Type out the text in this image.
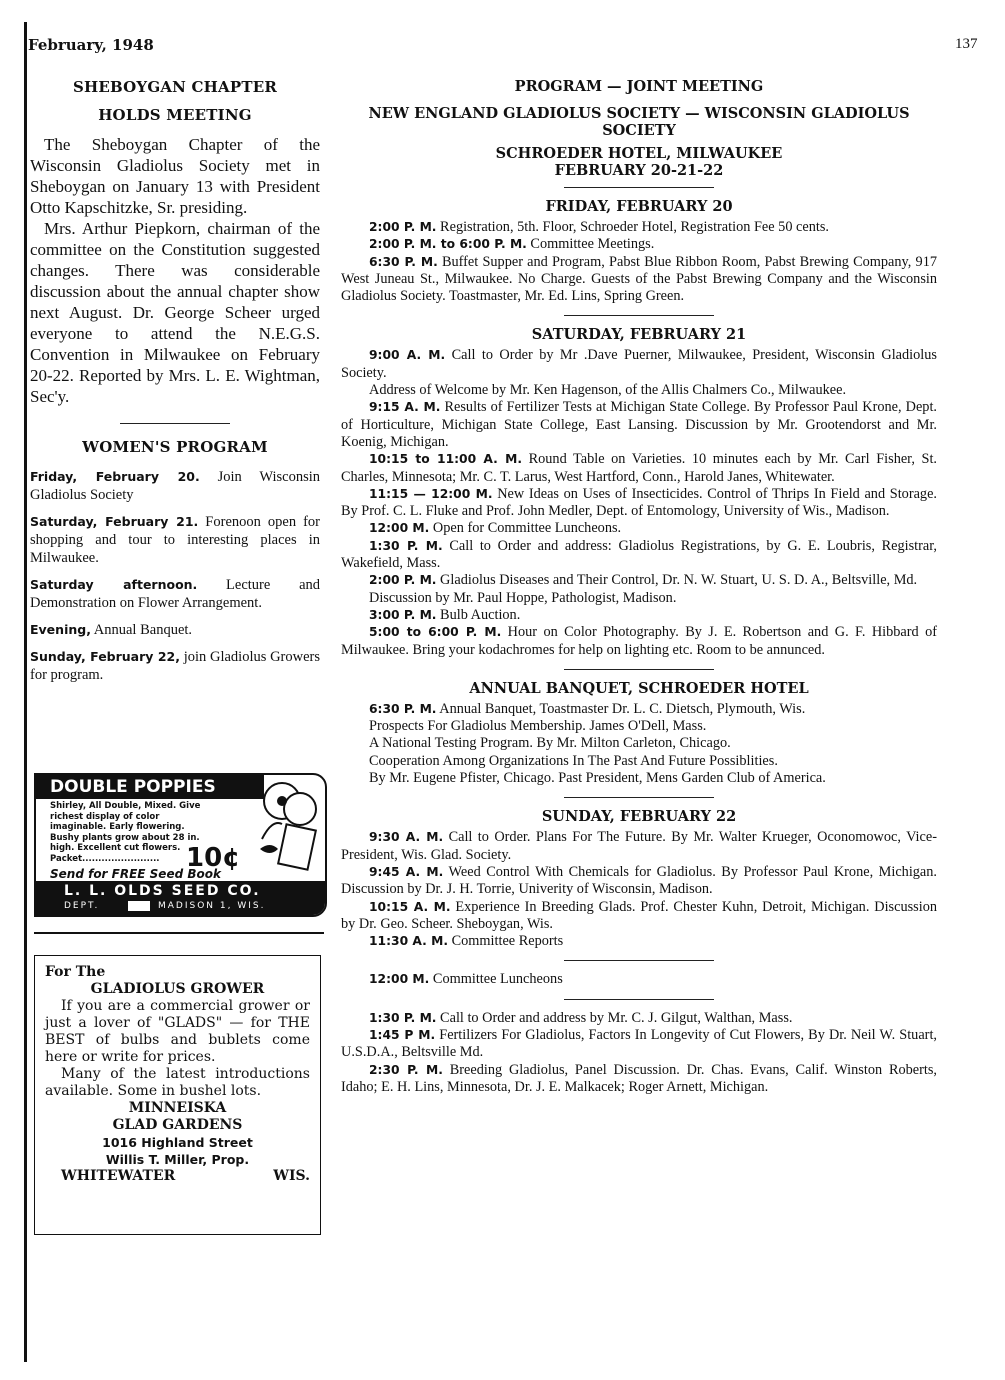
February, 1948	137
SHEBOYGAN CHAPTER
HOLDS MEETING

The Sheboygan Chapter of the Wisconsin Gladiolus Society met in Sheboygan on January 13 with President Otto Kapschitzke, Sr. presiding.

Mrs. Arthur Piepkorn, chairman of the committee on the Constitution suggested changes. There was considerable discussion about the annual chapter show next August. Dr. George Scheer urged everyone to attend the N.E.G.S. Convention in Milwaukee on February 20-22. Reported by Mrs. L. E. Wightman, Sec'y.

WOMEN'S PROGRAM

Friday, February 20. Join Wisconsin Gladiolus Society

Saturday, February 21. Forenoon open for shopping and tour to interesting places in Milwaukee.

Saturday afternoon. Lecture and Demonstration on Flower Arrangement.

Evening, Annual Banquet.

Sunday, February 22, join Gladiolus Growers for program.

DOUBLE POPPIES
Shirley, All Double, Mixed. Give richest display of color imaginable. Early flowering. Bushy plants grow about 28 in. high. Excellent cut flowers.
Packet........................	10¢
Send for FREE Seed Book
L. L. OLDS SEED CO.
DEPT.	MADISON 1, WIS.
For The
GLADIOLUS GROWER

If you are a commercial grower or just a lover of "GLADS" — for THE BEST of bulbs and bublets come here or write for prices.

Many of the latest introductions available. Some in bushel lots.

MINNEISKA
GLAD GARDENS
1016 Highland Street
Willis T. Miller, Prop.
WHITEWATER	WIS.
PROGRAM — JOINT MEETING
NEW ENGLAND GLADIOLUS SOCIETY — WISCONSIN GLADIOLUS SOCIETY
SCHROEDER HOTEL, MILWAUKEE
FEBRUARY 20-21-22
FRIDAY, FEBRUARY 20

2:00 P. M. Registration, 5th. Floor, Schroeder Hotel, Registration Fee 50 cents.

2:00 P. M. to 6:00 P. M. Committee Meetings.

6:30 P. M. Buffet Supper and Program, Pabst Blue Ribbon Room, Pabst Brewing Company, 917 West Juneau St., Milwaukee. No Charge. Guests of the Pabst Brewing Company and the Wisconsin Gladiolus Society. Toastmaster, Mr. Ed. Lins, Spring Green.

SATURDAY, FEBRUARY 21

9:00 A. M. Call to Order by Mr .Dave Puerner, Milwaukee, President, Wisconsin Gladiolus Society.

Address of Welcome by Mr. Ken Hagenson, of the Allis Chalmers Co., Milwaukee.

9:15 A. M. Results of Fertilizer Tests at Michigan State College. By Professor Paul Krone, Dept. of Horticulture, Michigan State College, East Lansing. Discussion by Mr. Grootendorst and Mr. Koenig, Michigan.

10:15 to 11:00 A. M. Round Table on Varieties. 10 minutes each by Mr. Carl Fisher, St. Charles, Minnesota; Mr. C. T. Larus, West Hartford, Conn., Harold Janes, Whitewater.

11:15 — 12:00 M. New Ideas on Uses of Insecticides. Control of Thrips In Field and Storage. By Prof. C. L. Fluke and Prof. John Medler, Dept. of Entomology, University of Wis., Madison.

12:00 M. Open for Committee Luncheons.

1:30 P. M. Call to Order and address: Gladiolus Registrations, by G. E. Loubris, Registrar, Wakefield, Mass.

2:00 P. M. Gladiolus Diseases and Their Control, Dr. N. W. Stuart, U. S. D. A., Beltsville, Md.

Discussion by Mr. Paul Hoppe, Pathologist, Madison.

3:00 P. M. Bulb Auction.

5:00 to 6:00 P. M. Hour on Color Photography. By J. E. Robertson and G. F. Hibbard of Milwaukee. Bring your kodachromes for help on lighting etc. Room to be annunced.

ANNUAL BANQUET, SCHROEDER HOTEL

6:30 P. M. Annual Banquet, Toastmaster Dr. L. C. Dietsch, Plymouth, Wis.

Prospects For Gladiolus Membership. James O'Dell, Mass.

A National Testing Program. By Mr. Milton Carleton, Chicago.

Cooperation Among Organizations In The Past And Future Possiblities.

By Mr. Eugene Pfister, Chicago. Past President, Mens Garden Club of America.

SUNDAY, FEBRUARY 22

9:30 A. M. Call to Order. Plans For The Future. By Mr. Walter Krueger, Oconomowoc, Vice-President, Wis. Glad. Society.

9:45 A. M. Weed Control With Chemicals for Gladiolus. By Professor Paul Krone, Michigan. Discussion by Dr. J. H. Torrie, Univerity of Wisconsin, Madison.

10:15 A. M. Experience In Breeding Glads. Prof. Chester Kuhn, Detroit, Michigan. Discussion by Dr. Geo. Scheer. Sheboygan, Wis.

11:30 A. M. Committee Reports

12:00 M. Committee Luncheons

1:30 P. M. Call to Order and address by Mr. C. J. Gilgut, Walthan, Mass.

1:45 P M. Fertilizers For Gladiolus, Factors In Longevity of Cut Flowers, By Dr. Neil W. Stuart, U.S.D.A., Beltsville Md.

2:30 P. M. Breeding Gladiolus, Panel Discussion. Dr. Chas. Evans, Calif. Winston Roberts, Idaho; E. H. Lins, Minnesota, Dr. J. E. Malkacek; Roger Arnett, Michigan.
